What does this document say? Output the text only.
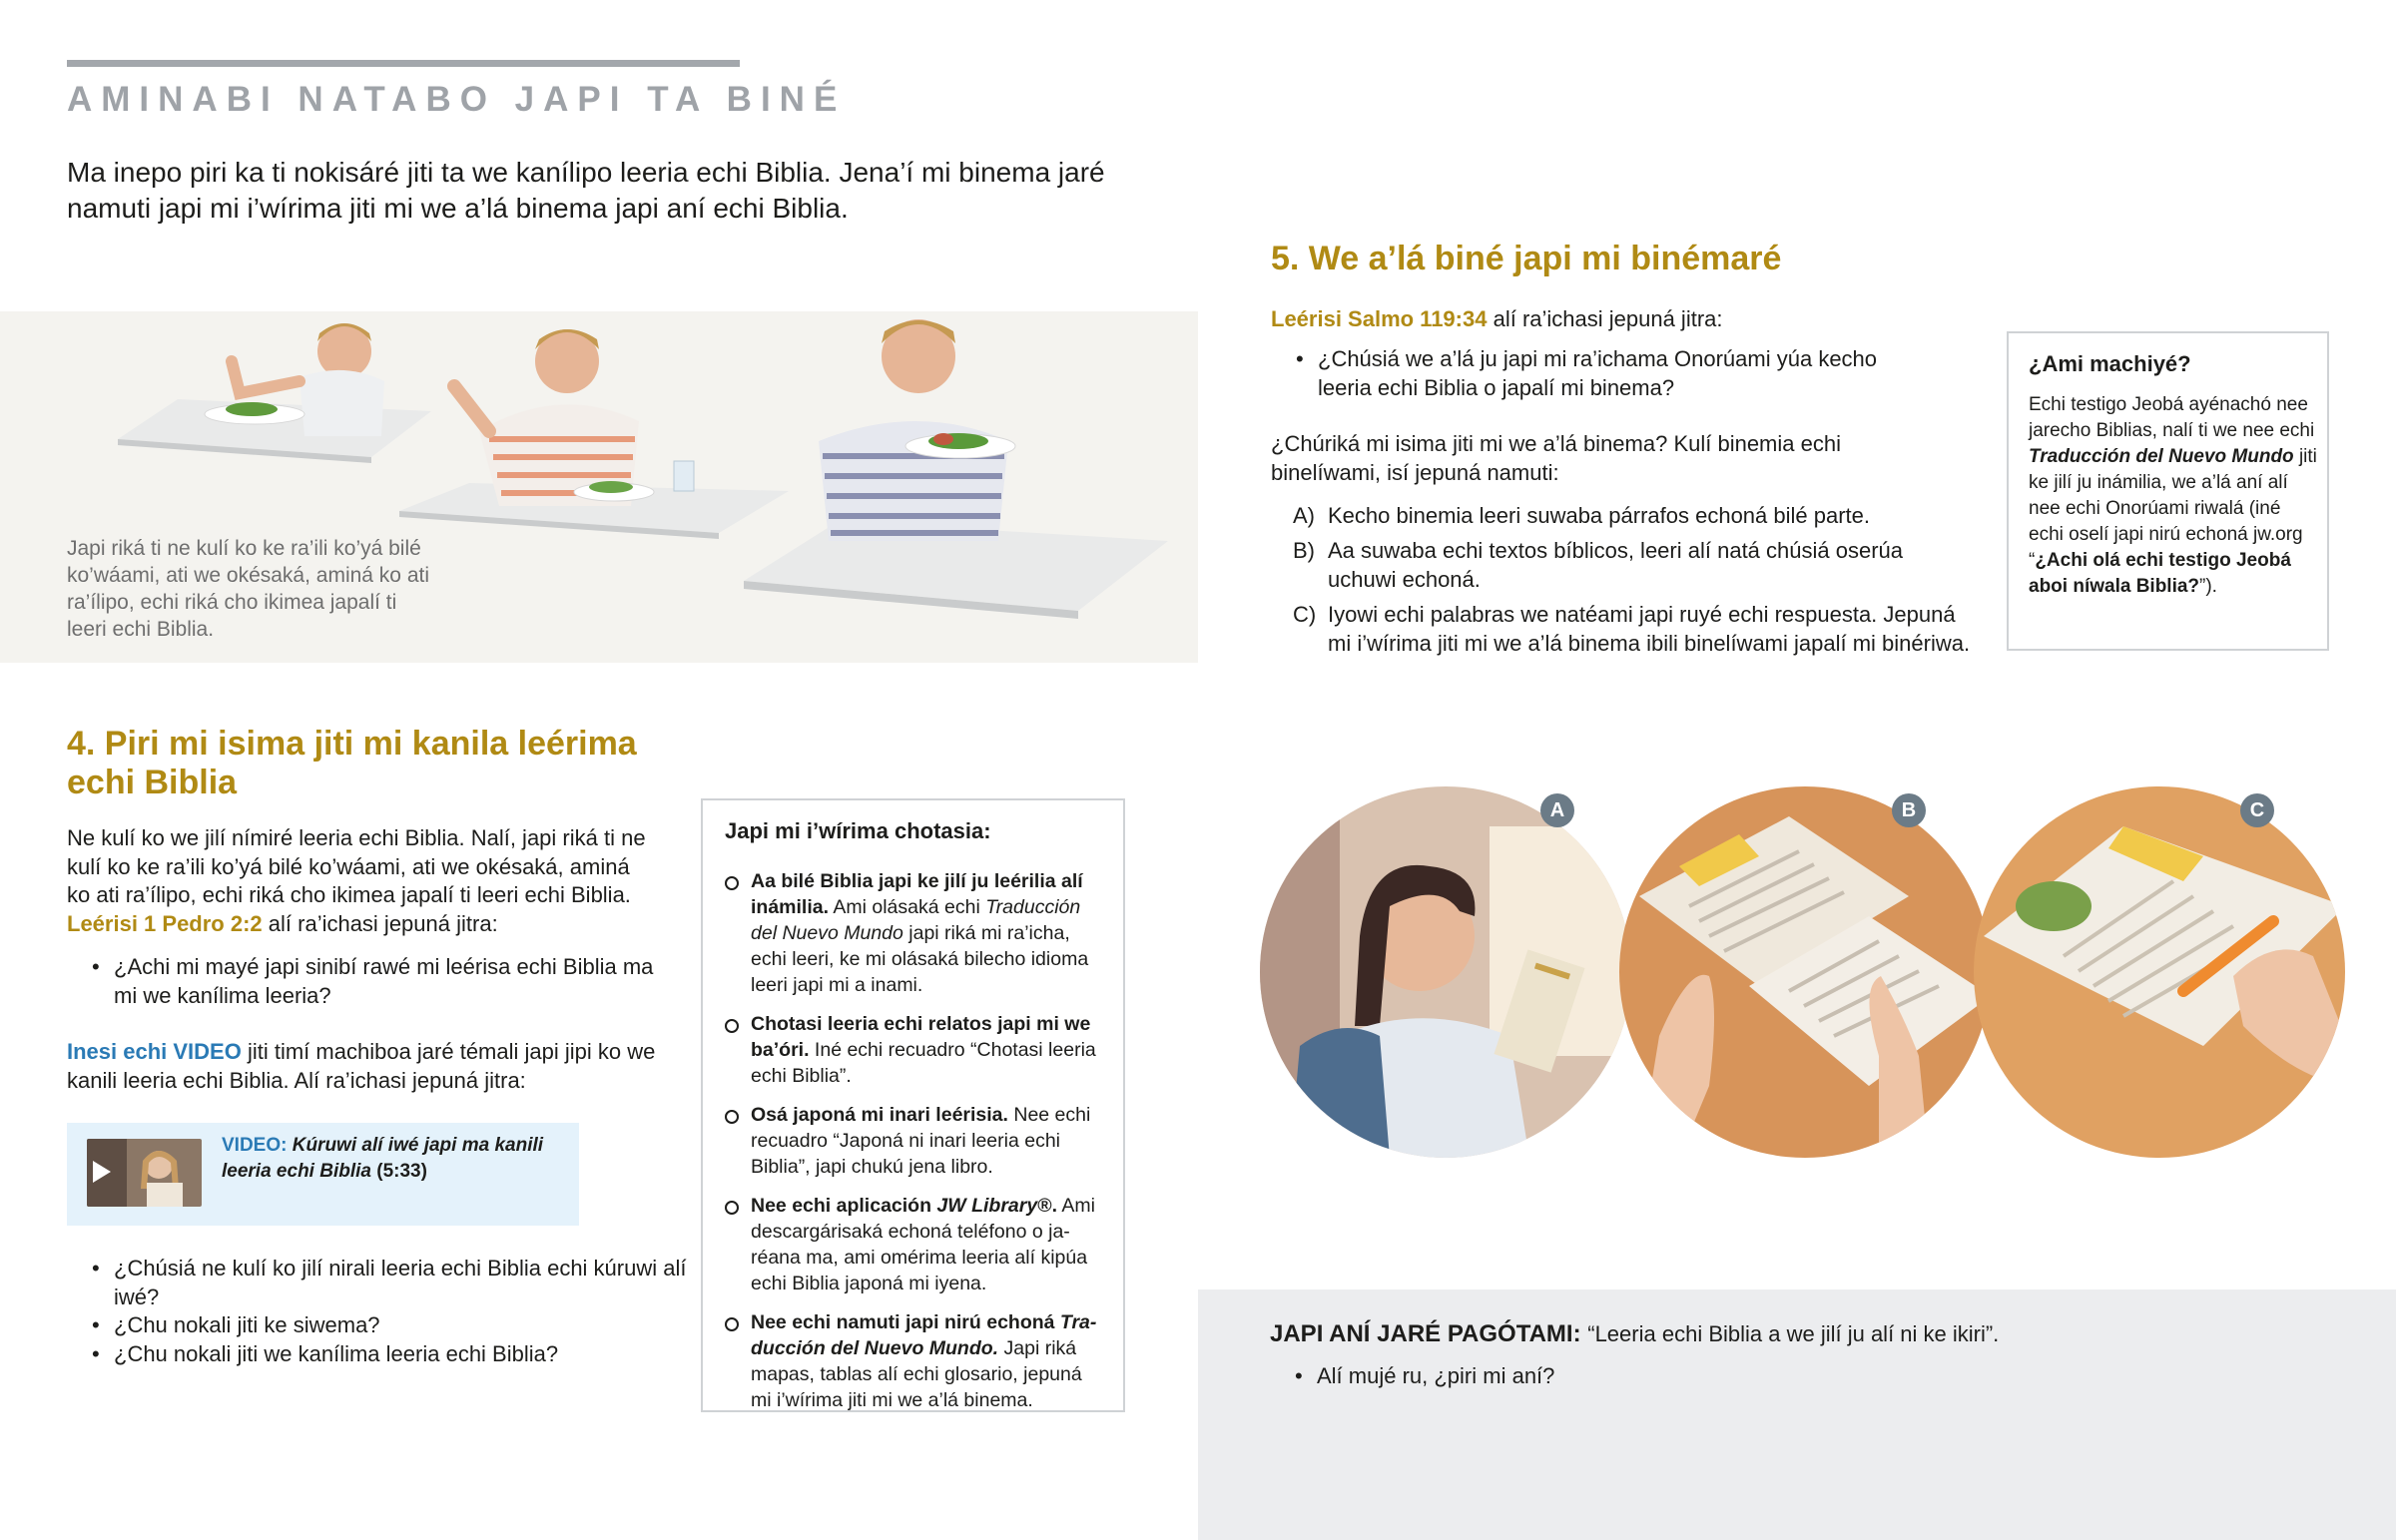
AMINABI NATABO JAPI TA BINÉ
Ma inepo piri ka ti nokisáré jiti ta we kanílipo leeria echi Biblia. Jena’í mi binema jaré namuti japi mi i’wírima jiti mi we a’lá binema japi aní echi Biblia.
Japi riká ti ne kulí ko ke ra’ili ko’yá bilé ko’wáami, ati we okésaká, aminá ko ati ra’ílipo, echi riká cho ikimea japalí ti leeri echi Biblia.
4. Piri mi isima jiti mi kanila leérima echi Biblia
Ne kulí ko we jilí nímiré leeria echi Biblia. Nalí, japi riká ti ne kulí ko ke ra’ili ko’yá bilé ko’wáami, ati we okésaká, aminá ko ati ra’ílipo, echi riká cho ikimea japalí ti leeri echi Biblia. Leérisi 1 Pedro 2:2 alí ra’ichasi jepuná jitra:
• ¿Achi mi mayé japi sinibí rawé mi leérisa echi Biblia ma mi we kanílima leeria?
Inesi echi VIDEO jiti timí machiboa jaré témali japi jipi ko we kanili leeria echi Biblia. Alí ra’ichasi jepuná jitra:
VIDEO: Kúruwi alí iwé japi ma kanili leeria echi Biblia (5:33)
• ¿Chúsiá ne kulí ko jilí nirali leeria echi Biblia echi kúruwi alí iwé?
• ¿Chu nokali jiti ke siwema?
• ¿Chu nokali jiti we kanílima leeria echi Biblia?
Japi mi i’wírima chotasia:
Aa bilé Biblia japi ke jilí ju leérilia alí inámilia. Ami olásaká echi Traducción del Nuevo Mundo japi riká mi ra’icha, echi leeri, ke mi olásaká bilecho idioma leeri japi mi a inami.
Chotasi leeria echi relatos japi mi we ba’óri. Iné echi recuadro “Chotasi leeria echi Biblia”.
Osá japoná mi inari leérisia. Nee echi recuadro “Japoná ni inari leeria echi Biblia”, japi chukú jena libro.
Nee echi aplicación JW Library®. Ami descargárisaká echoná teléfono o jaréana ma, ami omérima leeria alí kipúa echi Biblia japoná mi iyena.
Nee echi namuti japi nirú echoná Traducción del Nuevo Mundo. Japi riká mapas, tablas alí echi glosario, jepuná mi i’wírima jiti mi we a’lá binema.
5. We a’lá biné japi mi binémaré
Leérisi Salmo 119:34 alí ra’ichasi jepuná jitra:
• ¿Chúsiá we a’lá ju japi mi ra’ichama Onorúami yúa kecho leeria echi Biblia o japalí mi binema?
¿Chúriká mi isima jiti mi we a’lá binema? Kulí binemia echi binelíwami, isí jepuná namuti:
A) Kecho binemia leeri suwaba párrafos echoná bilé parte.
B) Aa suwaba echi textos bíblicos, leeri alí natá chúsiá oserúa uchuwi echoná.
C) Iyowi echi palabras we natéami japi ruyé echi respuesta. Jepuná mi i’wírima jiti mi we a’lá binema ibili binelíwami japalí mi binériwa.
¿Ami machiyé?
Echi testigo Jeobá ayénachó nee jarecho Biblias, nalí ti we nee echi Traducción del Nuevo Mundo jiti ke jilí ju inámilia, we a’lá aní alí nee echi Onorúami riwalá (iné echi oselí japi nirú echoná jw.org “¿Achi olá echi testigo Jeobá aboi níwala Biblia?”).
A	B	C
JAPI ANÍ JARÉ PAGÓTAMI: “Leeria echi Biblia a we jilí ju alí ni ke ikiri”.
• Alí mujé ru, ¿piri mi aní?
